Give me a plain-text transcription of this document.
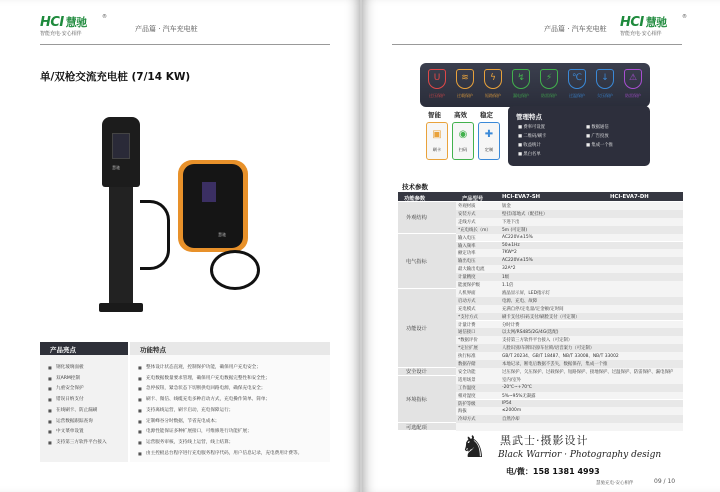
HCI 慧驰	®
智能充电·安心相伴
产品篇 · 汽车充电桩
单/双枪交流充电桩 (7/14 KW)
慧驰
慧驰
产品亮点
■ 钢化玻璃面板
■ 双ARM控制
■ 九重安全保护
■ 错误日纳支付
■ 在线刷卡、防止漏刷
■ 运营数据跟踪查询
■ 中文菜单设置
■ 支持第三方软件平台接入
功能特点
■ 整体设计状态直观，控制保护功能，确保用户充电安全；
■ 充电数据数量要求管理，确保用户充电数据完整性和安全性；
■ 急停按钮，紧急状态下切断供电回路电源，确保充电安全；
■ 刷卡、微信、线缆充电多种启动方式，充电操作简单、简单；
■ 支持离线运营，刷卡启动，充电保障运行；
■ 定制峰谷分时数据，节省充电成本；
■ 电源性能保证多种扩展接口，可维修进行功能扩展；
■ 运营服务审核，支持线上运营，线上结算；
■ 由主控板总台程序进行充电服务程序代码，用户信息记录，充电费用计费等。
产品篇 · 汽车充电桩 HCI 慧驰	®
智能充电·安心相伴
U
过压保护
≋
过载保护
ϟ
短路保护
↯
漏电保护
⚡
防雷保护
℃
过温保护
↓
欠压保护
⚠
防雷保护
智能 高效 稳定
▣
刷卡
◉
扫码
✚
定制
管理特点
■ 费率可设置	■ 数据通信
■ 二维码/刷卡	■ 广告投放
■ 收益统计	■ 集成一个推
■ 黑白名单
技术参数
功能参数	产品型号	HCI-EVA7-SH	HCI-EVA7-DH
外观结构
外观材质	钣金
安装方式	壁挂/落地式（配挂柱）
走线方式	下进下出
*充电线长（m）	5m (可定制)
电气指标
输入电压	AC220V±15%
输入频率	50±1Hz
额定功率	7KW*2
输出电压	AC220V±15%
最大输出电流	32A*2
计量精度	1级
能流保护级	1.1倍
功能设计
人机界面	液晶显示屏，LED指示灯
启动方式	电源、充电、故障
充电模式	充满自停/定电量/定金额/定时间
*支付方式	刷卡支付/扫码支付/刷脸支付（可定制）
计量计费	分时计费
通信接口	以太网/RS485/2G/4G(选配)
*数据评价	支持第三方软件平台接入（可定制）
*定位扩展	人脸识别/车牌识别/车位锁/语音案力（可定制）
执行标准	GB/T 20234、GB/T 18487、NB/T 33008、NB/T 33002
数据存储	本地记录，断电后数据不丢失，数据保存，集成一个推
安全设计	安全功能	过压保护、欠压保护、过载保护、短路保护、接地保护、过温保护、防雷保护、漏电保护
环境指标
适用场景	室内/室外
工作温度	-20℃~+70℃
相对湿度	5%~95%无凝露
防护等级	IP54
海拔	≤2000m
冷却方式	自然冷却
可选配项
慧驰充电·安心相伴	09 / 10
♞ 黑武士·摄影设计
Black Warrior · Photography design
电/微：158 1381 4993
